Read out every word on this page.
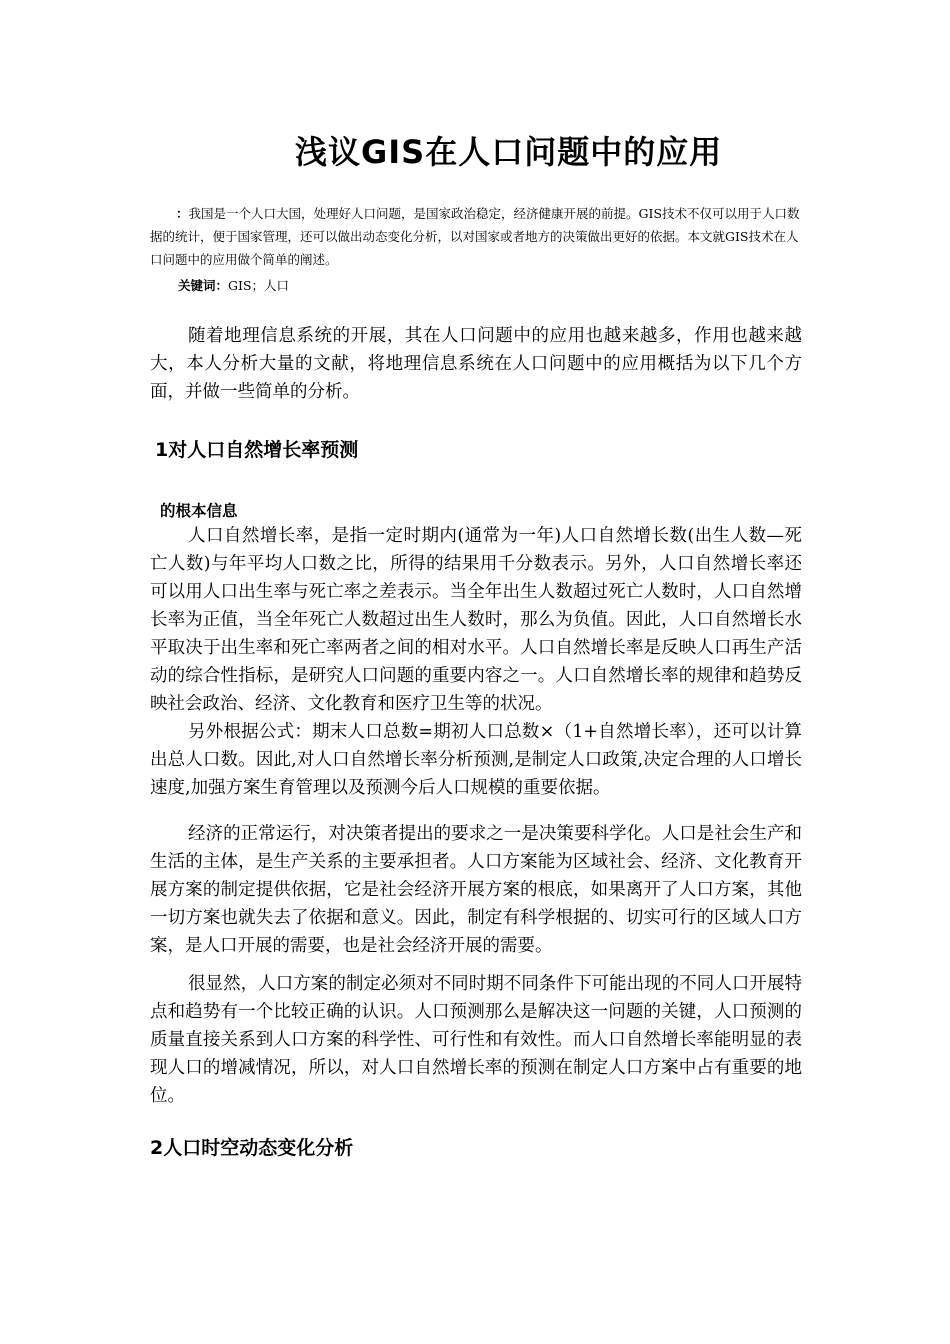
浅议GIS在人口问题中的应用
：我国是一个人口大国，处理好人口问题，是国家政治稳定，经济健康开展的前提。GIS技术不仅可以用于人口数据的统计，便于国家管理，还可以做出动态变化分析，以对国家或者地方的决策做出更好的依据。本文就GIS技术在人口问题中的应用做个简单的阐述。
关键词：GIS；人口

随着地理信息系统的开展，其在人口问题中的应用也越来越多，作用也越来越大，本人分析大量的文献，将地理信息系统在人口问题中的应用概括为以下几个方面，并做一些简单的分析。

1对人口自然增长率预测
的根本信息

人口自然增长率，是指一定时期内(通常为一年)人口自然增长数(出生人数—死亡人数)与年平均人口数之比，所得的结果用千分数表示。另外，人口自然增长率还可以用人口出生率与死亡率之差表示。当全年出生人数超过死亡人数时，人口自然增长率为正值，当全年死亡人数超过出生人数时，那么为负值。因此，人口自然增长水平取决于出生率和死亡率两者之间的相对水平。人口自然增长率是反映人口再生产活动的综合性指标，是研究人口问题的重要内容之一。人口自然增长率的规律和趋势反映社会政治、经济、文化教育和医疗卫生等的状况。

另外根据公式：期末人口总数=期初人口总数×（1+自然增长率），还可以计算出总人口数。因此,对人口自然增长率分析预测,是制定人口政策,决定合理的人口增长速度,加强方案生育管理以及预测今后人口规模的重要依据。

经济的正常运行，对决策者提出的要求之一是决策要科学化。人口是社会生产和生活的主体，是生产关系的主要承担者。人口方案能为区域社会、经济、文化教育开展方案的制定提供依据，它是社会经济开展方案的根底，如果离开了人口方案，其他一切方案也就失去了依据和意义。因此，制定有科学根据的、切实可行的区域人口方案，是人口开展的需要，也是社会经济开展的需要。

很显然，人口方案的制定必须对不同时期不同条件下可能出现的不同人口开展特点和趋势有一个比较正确的认识。人口预测那么是解决这一问题的关键，人口预测的质量直接关系到人口方案的科学性、可行性和有效性。而人口自然增长率能明显的表现人口的增减情况，所以，对人口自然增长率的预测在制定人口方案中占有重要的地位。

2人口时空动态变化分析
